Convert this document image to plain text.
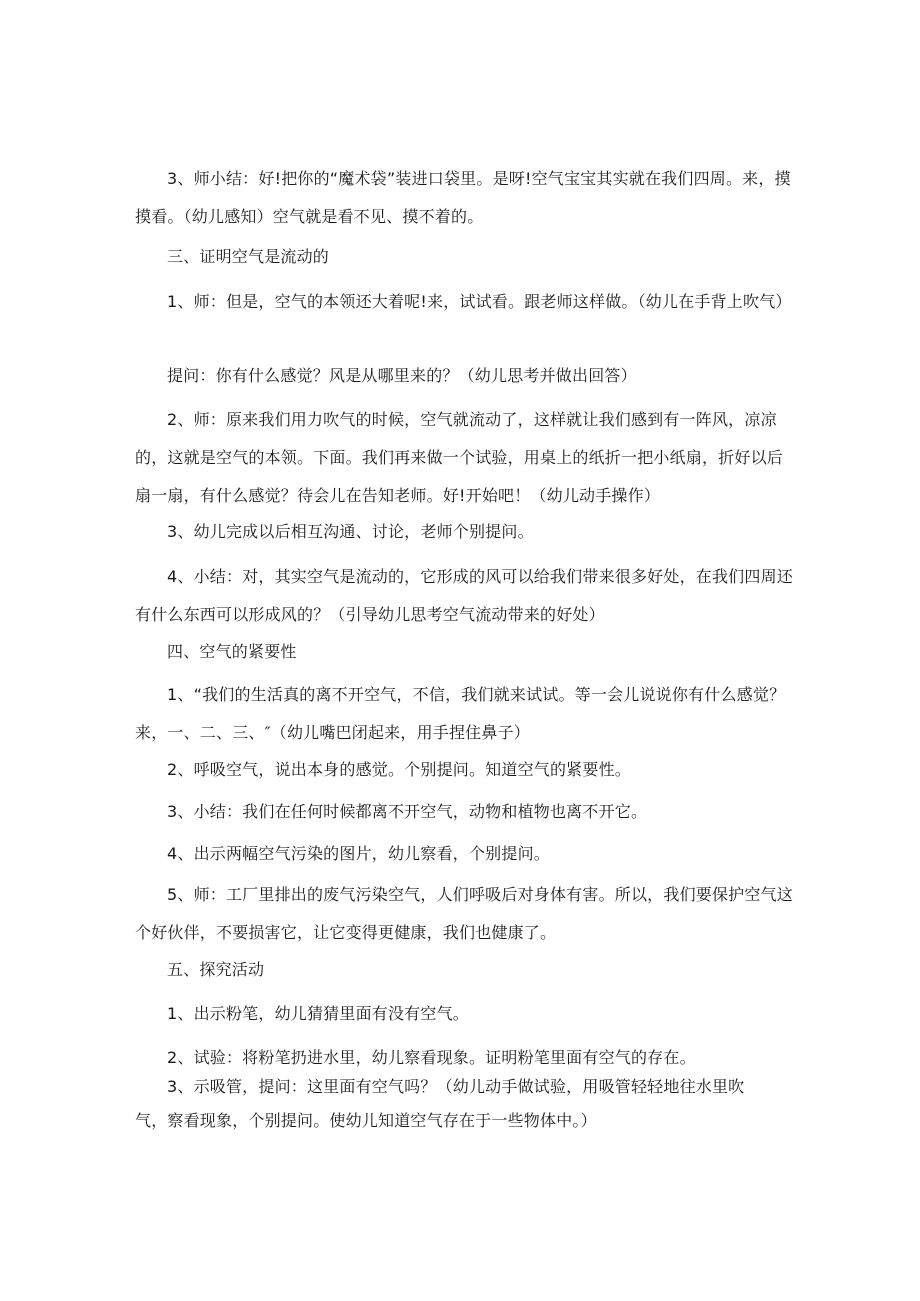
3、师小结：好!把你的“魔术袋”装进口袋里。是呀!空气宝宝其实就在我们四周。来，摸摸看。（幼儿感知）空气就是看不见、摸不着的。

三、证明空气是流动的

1、师：但是，空气的本领还大着呢!来，试试看。跟老师这样做。（幼儿在手背上吹气）

提问：你有什么感觉？风是从哪里来的？（幼儿思考并做出回答）

2、师：原来我们用力吹气的时候，空气就流动了，这样就让我们感到有一阵风，凉凉的，这就是空气的本领。下面。我们再来做一个试验，用桌上的纸折一把小纸扇，折好以后扇一扇，有什么感觉？待会儿在告知老师。好!开始吧！（幼儿动手操作）

3、幼儿完成以后相互沟通、讨论，老师个别提问。

4、小结：对，其实空气是流动的，它形成的风可以给我们带来很多好处，在我们四周还有什么东西可以形成风的？（引导幼儿思考空气流动带来的好处）

四、空气的紧要性

1、“我们的生活真的离不开空气，不信，我们就来试试。等一会儿说说你有什么感觉？来，一、二、三、″（幼儿嘴巴闭起来，用手捏住鼻子）

2、呼吸空气，说出本身的感觉。个别提问。知道空气的紧要性。

3、小结：我们在任何时候都离不开空气，动物和植物也离不开它。

4、出示两幅空气污染的图片，幼儿察看，个别提问。

5、师：工厂里排出的废气污染空气，人们呼吸后对身体有害。所以，我们要保护空气这个好伙伴，不要损害它，让它变得更健康，我们也健康了。

五、探究活动

1、出示粉笔，幼儿猜猜里面有没有空气。

2、试验：将粉笔扔进水里，幼儿察看现象。证明粉笔里面有空气的存在。

3、示吸管，提问：这里面有空气吗？（幼儿动手做试验，用吸管轻轻地往水里吹气，察看现象，个别提问。使幼儿知道空气存在于一些物体中。）
